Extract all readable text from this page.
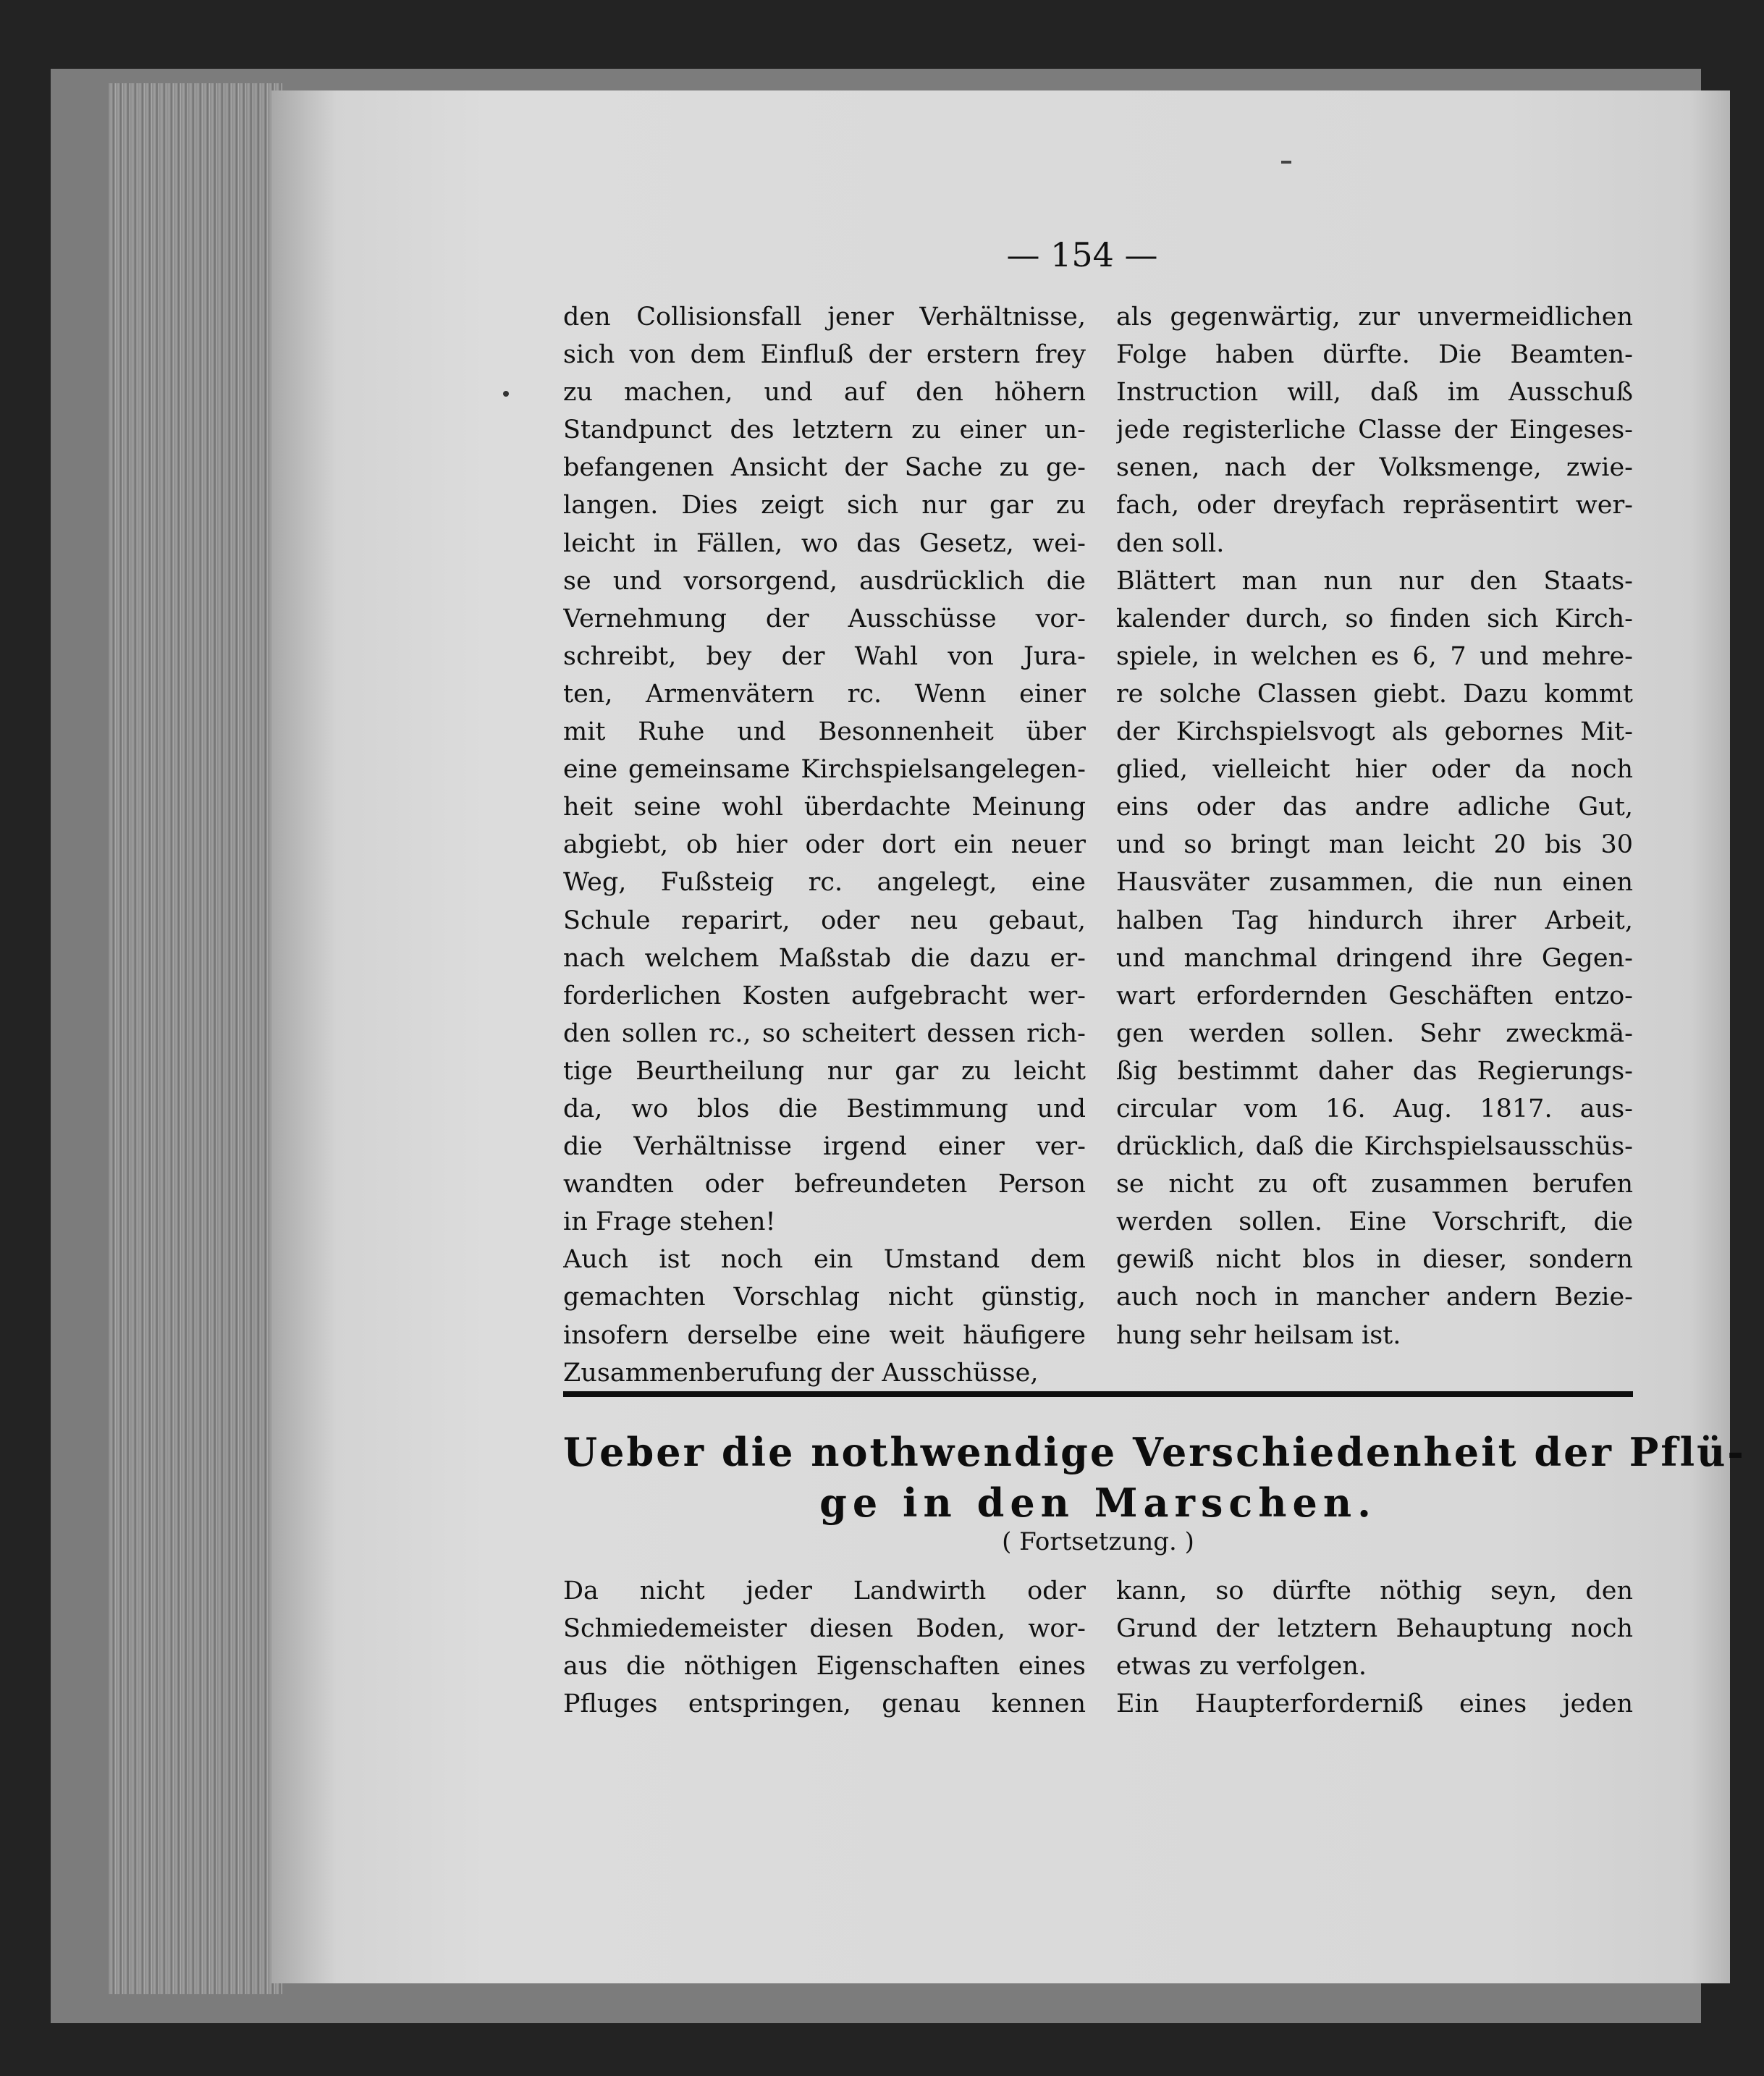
— 154 —
den Collisionsfall jener Verhältnisse,
sich von dem Einfluß der erstern frey
zu machen, und auf den höhern
Standpunct des letztern zu einer un-
befangenen Ansicht der Sache zu ge-
langen. Dies zeigt sich nur gar zu
leicht in Fällen, wo das Gesetz, wei-
se und vorsorgend, ausdrücklich die
Vernehmung der Ausschüsse vor-
schreibt, bey der Wahl von Jura-
ten, Armenvätern rc. Wenn einer
mit Ruhe und Besonnenheit über
eine gemeinsame Kirchspielsangelegen-
heit seine wohl überdachte Meinung
abgiebt, ob hier oder dort ein neuer
Weg, Fußsteig rc. angelegt, eine
Schule reparirt, oder neu gebaut,
nach welchem Maßstab die dazu er-
forderlichen Kosten aufgebracht wer-
den sollen rc., so scheitert dessen rich-
tige Beurtheilung nur gar zu leicht
da, wo blos die Bestimmung und
die Verhältnisse irgend einer ver-
wandten oder befreundeten Person
in Frage stehen!
Auch ist noch ein Umstand dem
gemachten Vorschlag nicht günstig,
insofern derselbe eine weit häufigere
Zusammenberufung der Ausschüsse,
als gegenwärtig, zur unvermeidlichen
Folge haben dürfte. Die Beamten-
Instruction will, daß im Ausschuß
jede registerliche Classe der Eingeses-
senen, nach der Volksmenge, zwie-
fach, oder dreyfach repräsentirt wer-
den soll.
Blättert man nun nur den Staats-
kalender durch, so finden sich Kirch-
spiele, in welchen es 6, 7 und mehre-
re solche Classen giebt. Dazu kommt
der Kirchspielsvogt als gebornes Mit-
glied, vielleicht hier oder da noch
eins oder das andre adliche Gut,
und so bringt man leicht 20 bis 30
Hausväter zusammen, die nun einen
halben Tag hindurch ihrer Arbeit,
und manchmal dringend ihre Gegen-
wart erfordernden Geschäften entzo-
gen werden sollen. Sehr zweckmä-
ßig bestimmt daher das Regierungs-
circular vom 16. Aug. 1817. aus-
drücklich, daß die Kirchspielsausschüs-
se nicht zu oft zusammen berufen
werden sollen. Eine Vorschrift, die
gewiß nicht blos in dieser, sondern
auch noch in mancher andern Bezie-
hung sehr heilsam ist.
Ueber die nothwendige Verschiedenheit der Pflü-
ge in den Marschen.
( Fortsetzung. )
Da nicht jeder Landwirth oder
Schmiedemeister diesen Boden, wor-
aus die nöthigen Eigenschaften eines
Pfluges entspringen, genau kennen
kann, so dürfte nöthig seyn, den
Grund der letztern Behauptung noch
etwas zu verfolgen.
Ein Haupterforderniß eines jeden
